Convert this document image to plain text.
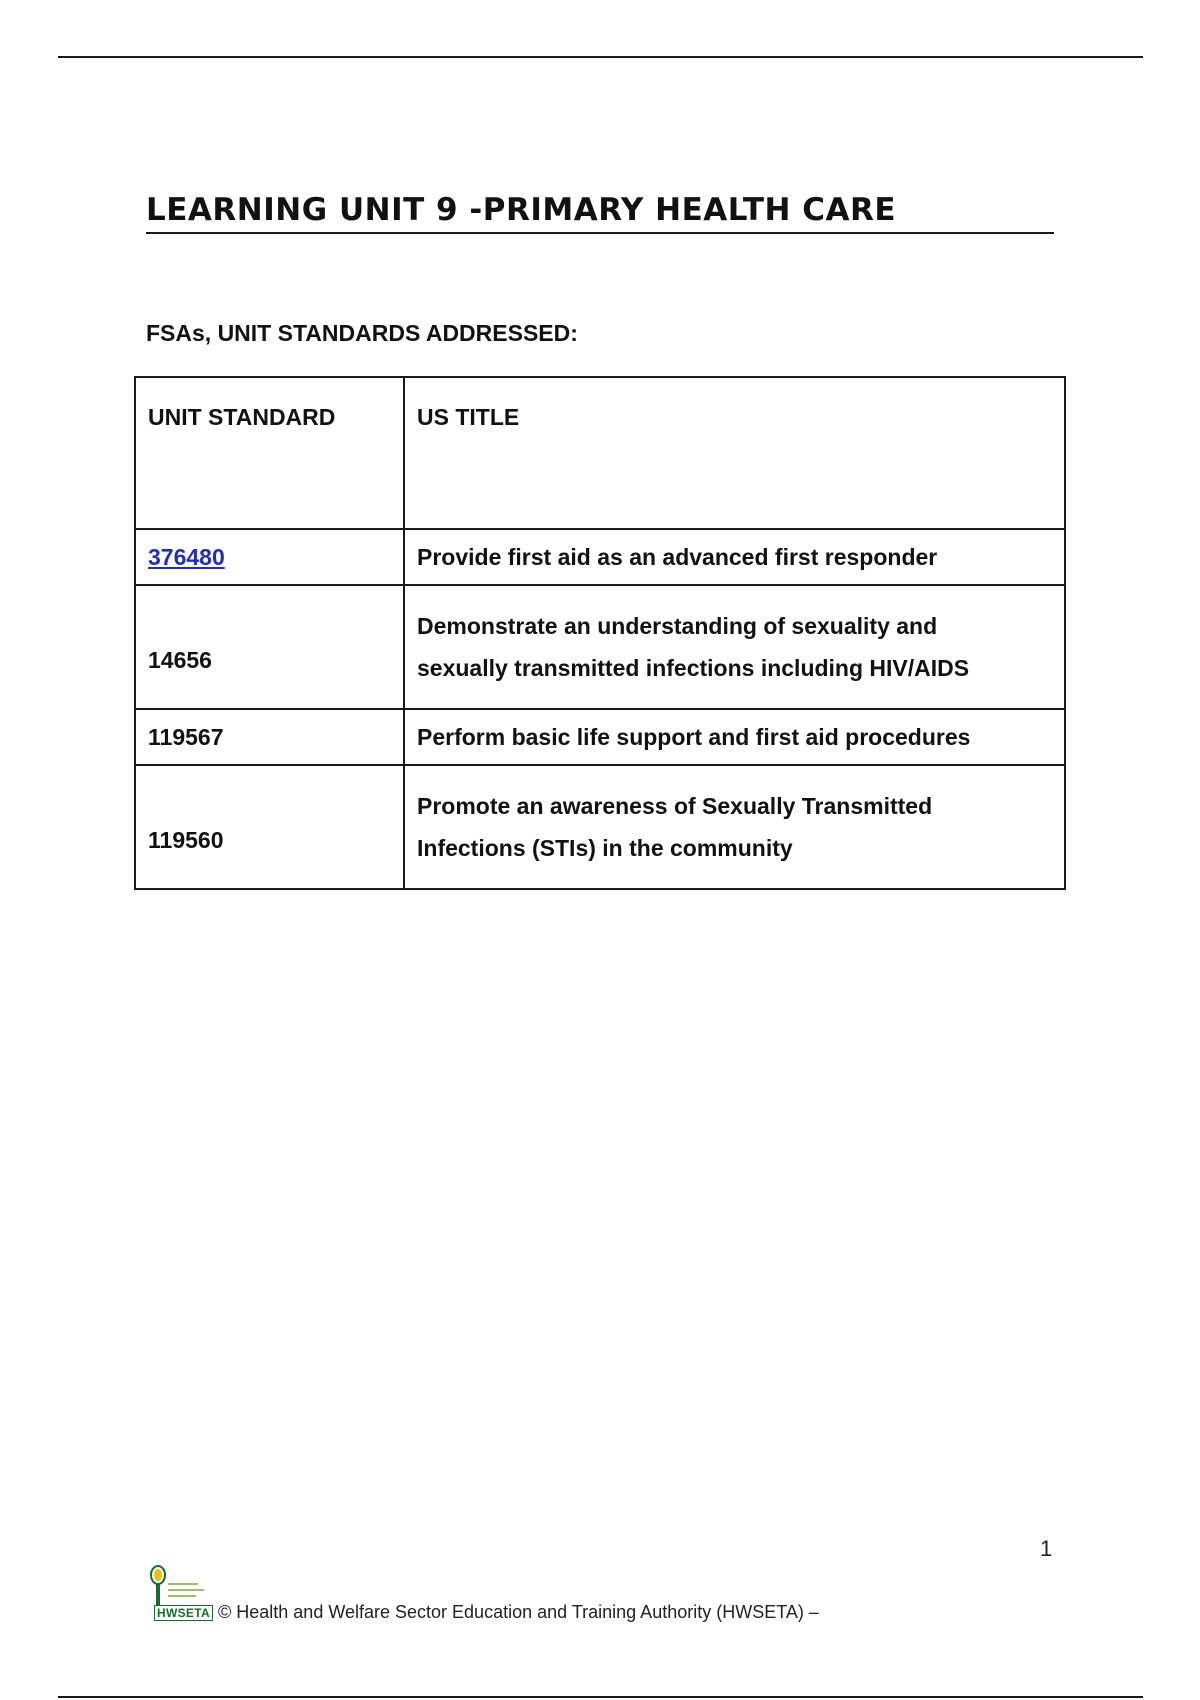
LEARNING UNIT 9 -PRIMARY HEALTH CARE
FSAs, UNIT STANDARDS ADDRESSED:
UNIT STANDARD	US TITLE
376480	Provide first aid as an advanced first responder
14656	Demonstrate an understanding of sexuality and
sexually transmitted infections including HIV/AIDS
119567	Perform basic life support and first aid procedures
119560	Promote an awareness of Sexually Transmitted
Infections (STIs) in the community
1
HWSETA © Health and Welfare Sector Education and Training Authority (HWSETA) –
